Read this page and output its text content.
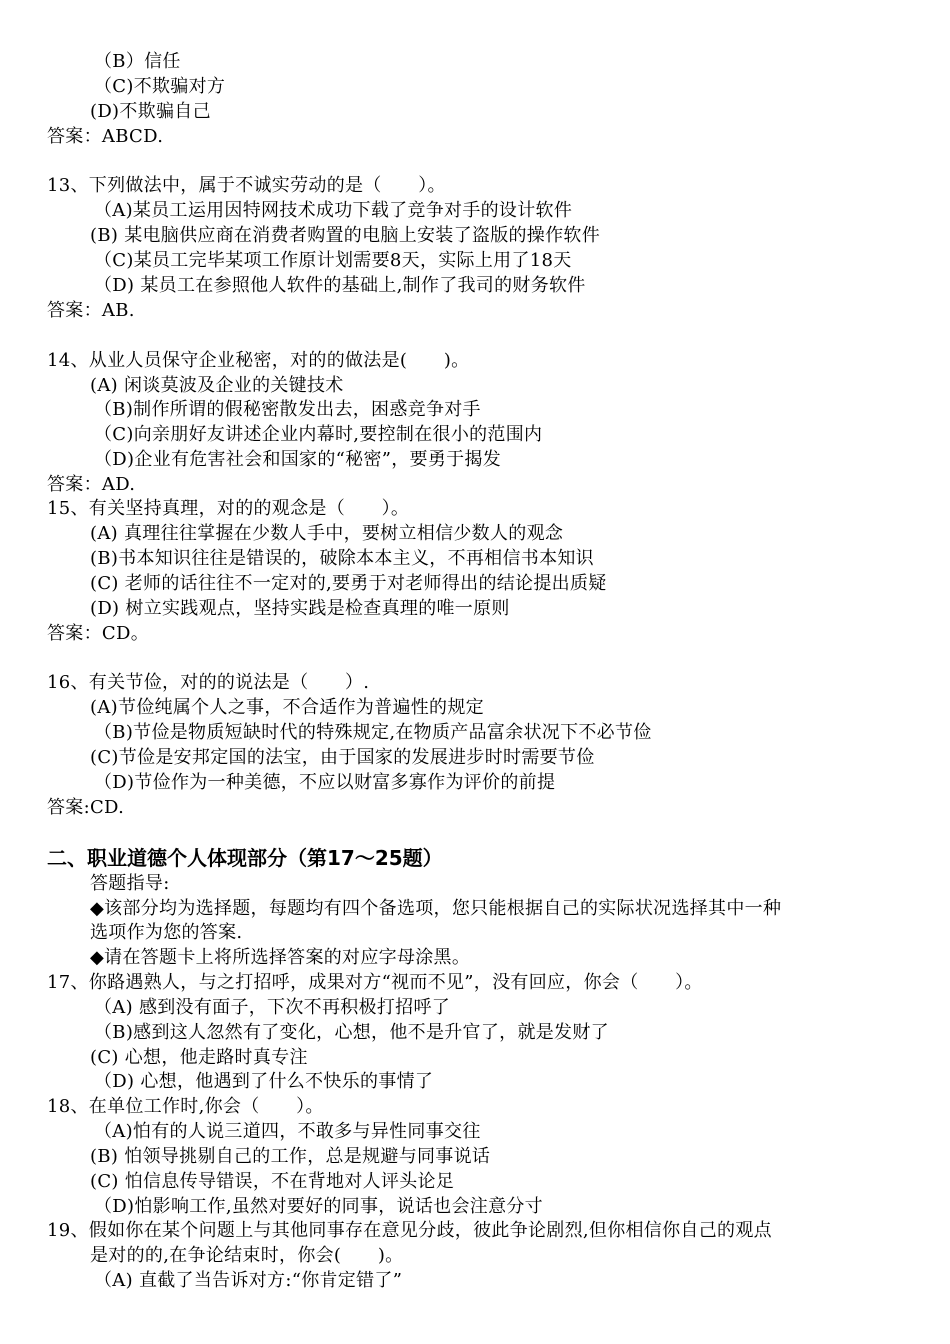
（B）信任
（C)不欺骗对方
(D)不欺骗自己
答案：ABCD.
13、下列做法中，属于不诚实劳动的是（　　）。
（A)某员工运用因特网技术成功下载了竞争对手的设计软件
(B) 某电脑供应商在消费者购置的电脑上安装了盗版的操作软件
（C)某员工完毕某项工作原计划需要8天，实际上用了18天
（D) 某员工在参照他人软件的基础上,制作了我司的财务软件
答案：AB.
14、从业人员保守企业秘密，对的的做法是(　　)。
(A) 闲谈莫波及企业的关键技术
（B)制作所谓的假秘密散发出去，困惑竞争对手
（C)向亲朋好友讲述企业内幕时,要控制在很小的范围内
（D)企业有危害社会和国家的“秘密”，要勇于揭发
答案：AD.
15、有关坚持真理，对的的观念是（　　）。
(A) 真理往往掌握在少数人手中，要树立相信少数人的观念
(B)书本知识往往是错误的，破除本本主义，不再相信书本知识
(C) 老师的话往往不一定对的,要勇于对老师得出的结论提出质疑
(D) 树立实践观点，坚持实践是检查真理的唯一原则
答案：CD。
16、有关节俭，对的的说法是（　　）.
(A)节俭纯属个人之事，不合适作为普遍性的规定
（B)节俭是物质短缺时代的特殊规定,在物质产品富余状况下不必节俭
(C)节俭是安邦定国的法宝，由于国家的发展进步时时需要节俭
（D)节俭作为一种美德，不应以财富多寡作为评价的前提
答案:CD.
二、职业道德个人体现部分（第17～25题）
答题指导:
◆该部分均为选择题，每题均有四个备选项，您只能根据自己的实际状况选择其中一种
选项作为您的答案.
◆请在答题卡上将所选择答案的对应字母涂黑。
17、你路遇熟人，与之打招呼，成果对方“视而不见”，没有回应，你会（　　）。
（A) 感到没有面子，下次不再积极打招呼了
（B)感到这人忽然有了变化，心想，他不是升官了，就是发财了
(C) 心想，他走路时真专注
（D) 心想，他遇到了什么不快乐的事情了
18、在单位工作时,你会（　　）。
（A)怕有的人说三道四，不敢多与异性同事交往
(B) 怕领导挑剔自己的工作，总是规避与同事说话
(C) 怕信息传导错误，不在背地对人评头论足
（D)怕影响工作,虽然对要好的同事，说话也会注意分寸
19、假如你在某个问题上与其他同事存在意见分歧，彼此争论剧烈,但你相信你自己的观点
是对的的,在争论结束时，你会(　　)。
（A) 直截了当告诉对方:“你肯定错了”
